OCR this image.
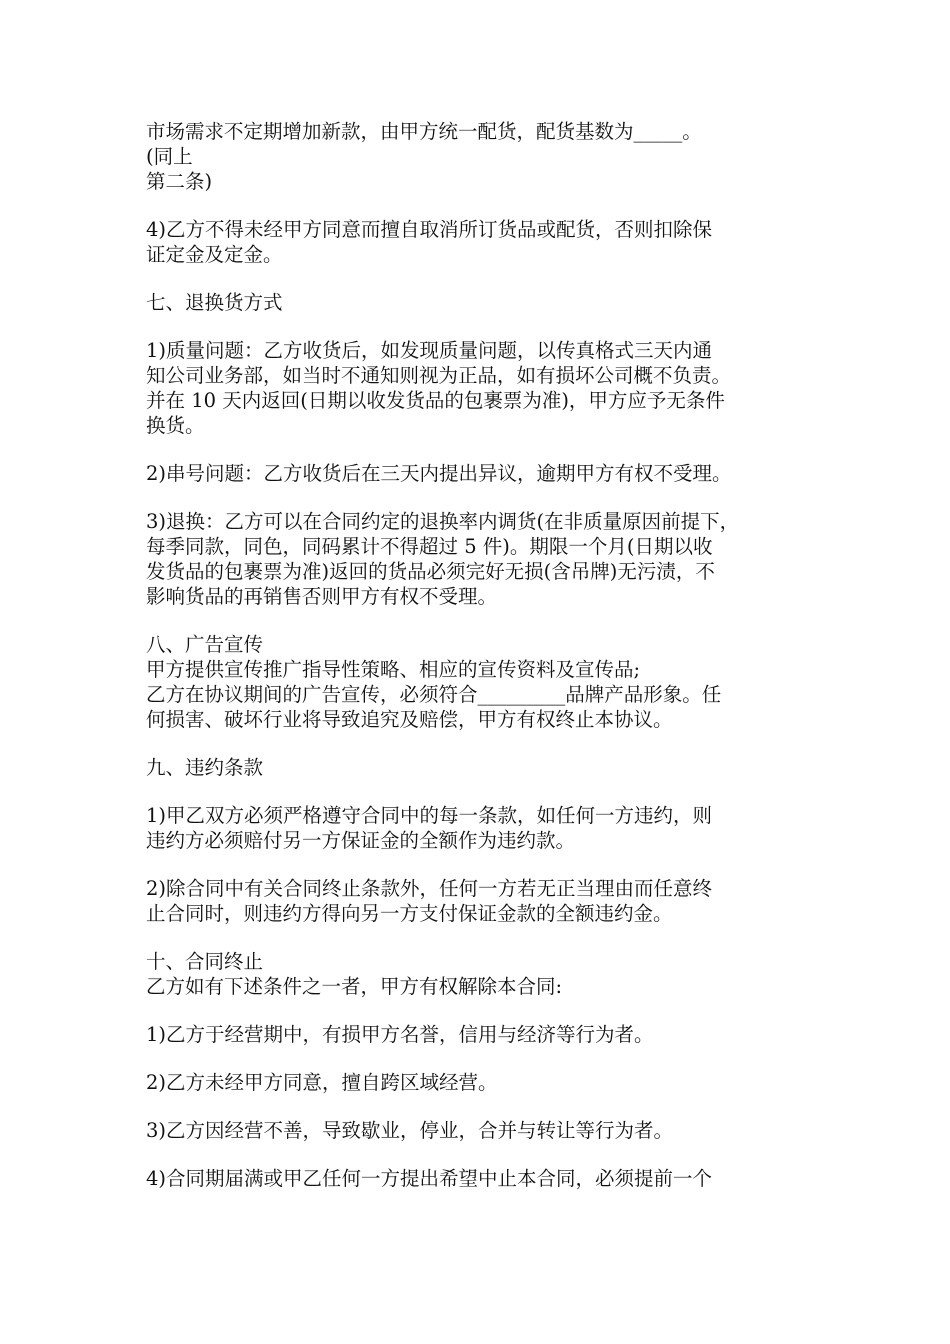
市场需求不定期增加新款，由甲方统一配货，配货基数为_____。
(同上
第二条)
4)乙方不得未经甲方同意而擅自取消所订货品或配货，否则扣除保
证定金及定金。
七、退换货方式
1)质量问题：乙方收货后，如发现质量问题，以传真格式三天内通
知公司业务部，如当时不通知则视为正品，如有损坏公司概不负责。
并在 10 天内返回(日期以收发货品的包裹票为准)，甲方应予无条件
换货。
2)串号问题：乙方收货后在三天内提出异议，逾期甲方有权不受理。
3)退换：乙方可以在合同约定的退换率内调货(在非质量原因前提下，
每季同款，同色，同码累计不得超过 5 件)。期限一个月(日期以收
发货品的包裹票为准)返回的货品必须完好无损(含吊牌)无污渍，不
影响货品的再销售否则甲方有权不受理。
八、广告宣传
甲方提供宣传推广指导性策略、相应的宣传资料及宣传品;
乙方在协议期间的广告宣传，必须符合_________品牌产品形象。任
何损害、破坏行业将导致追究及赔偿，甲方有权终止本协议。
九、违约条款
1)甲乙双方必须严格遵守合同中的每一条款，如任何一方违约，则
违约方必须赔付另一方保证金的全额作为违约款。
2)除合同中有关合同终止条款外，任何一方若无正当理由而任意终
止合同时，则违约方得向另一方支付保证金款的全额违约金。
十、合同终止
乙方如有下述条件之一者，甲方有权解除本合同:
1)乙方于经营期中，有损甲方名誉，信用与经济等行为者。
2)乙方未经甲方同意，擅自跨区域经营。
3)乙方因经营不善，导致歇业，停业，合并与转让等行为者。
4)合同期届满或甲乙任何一方提出希望中止本合同，必须提前一个
